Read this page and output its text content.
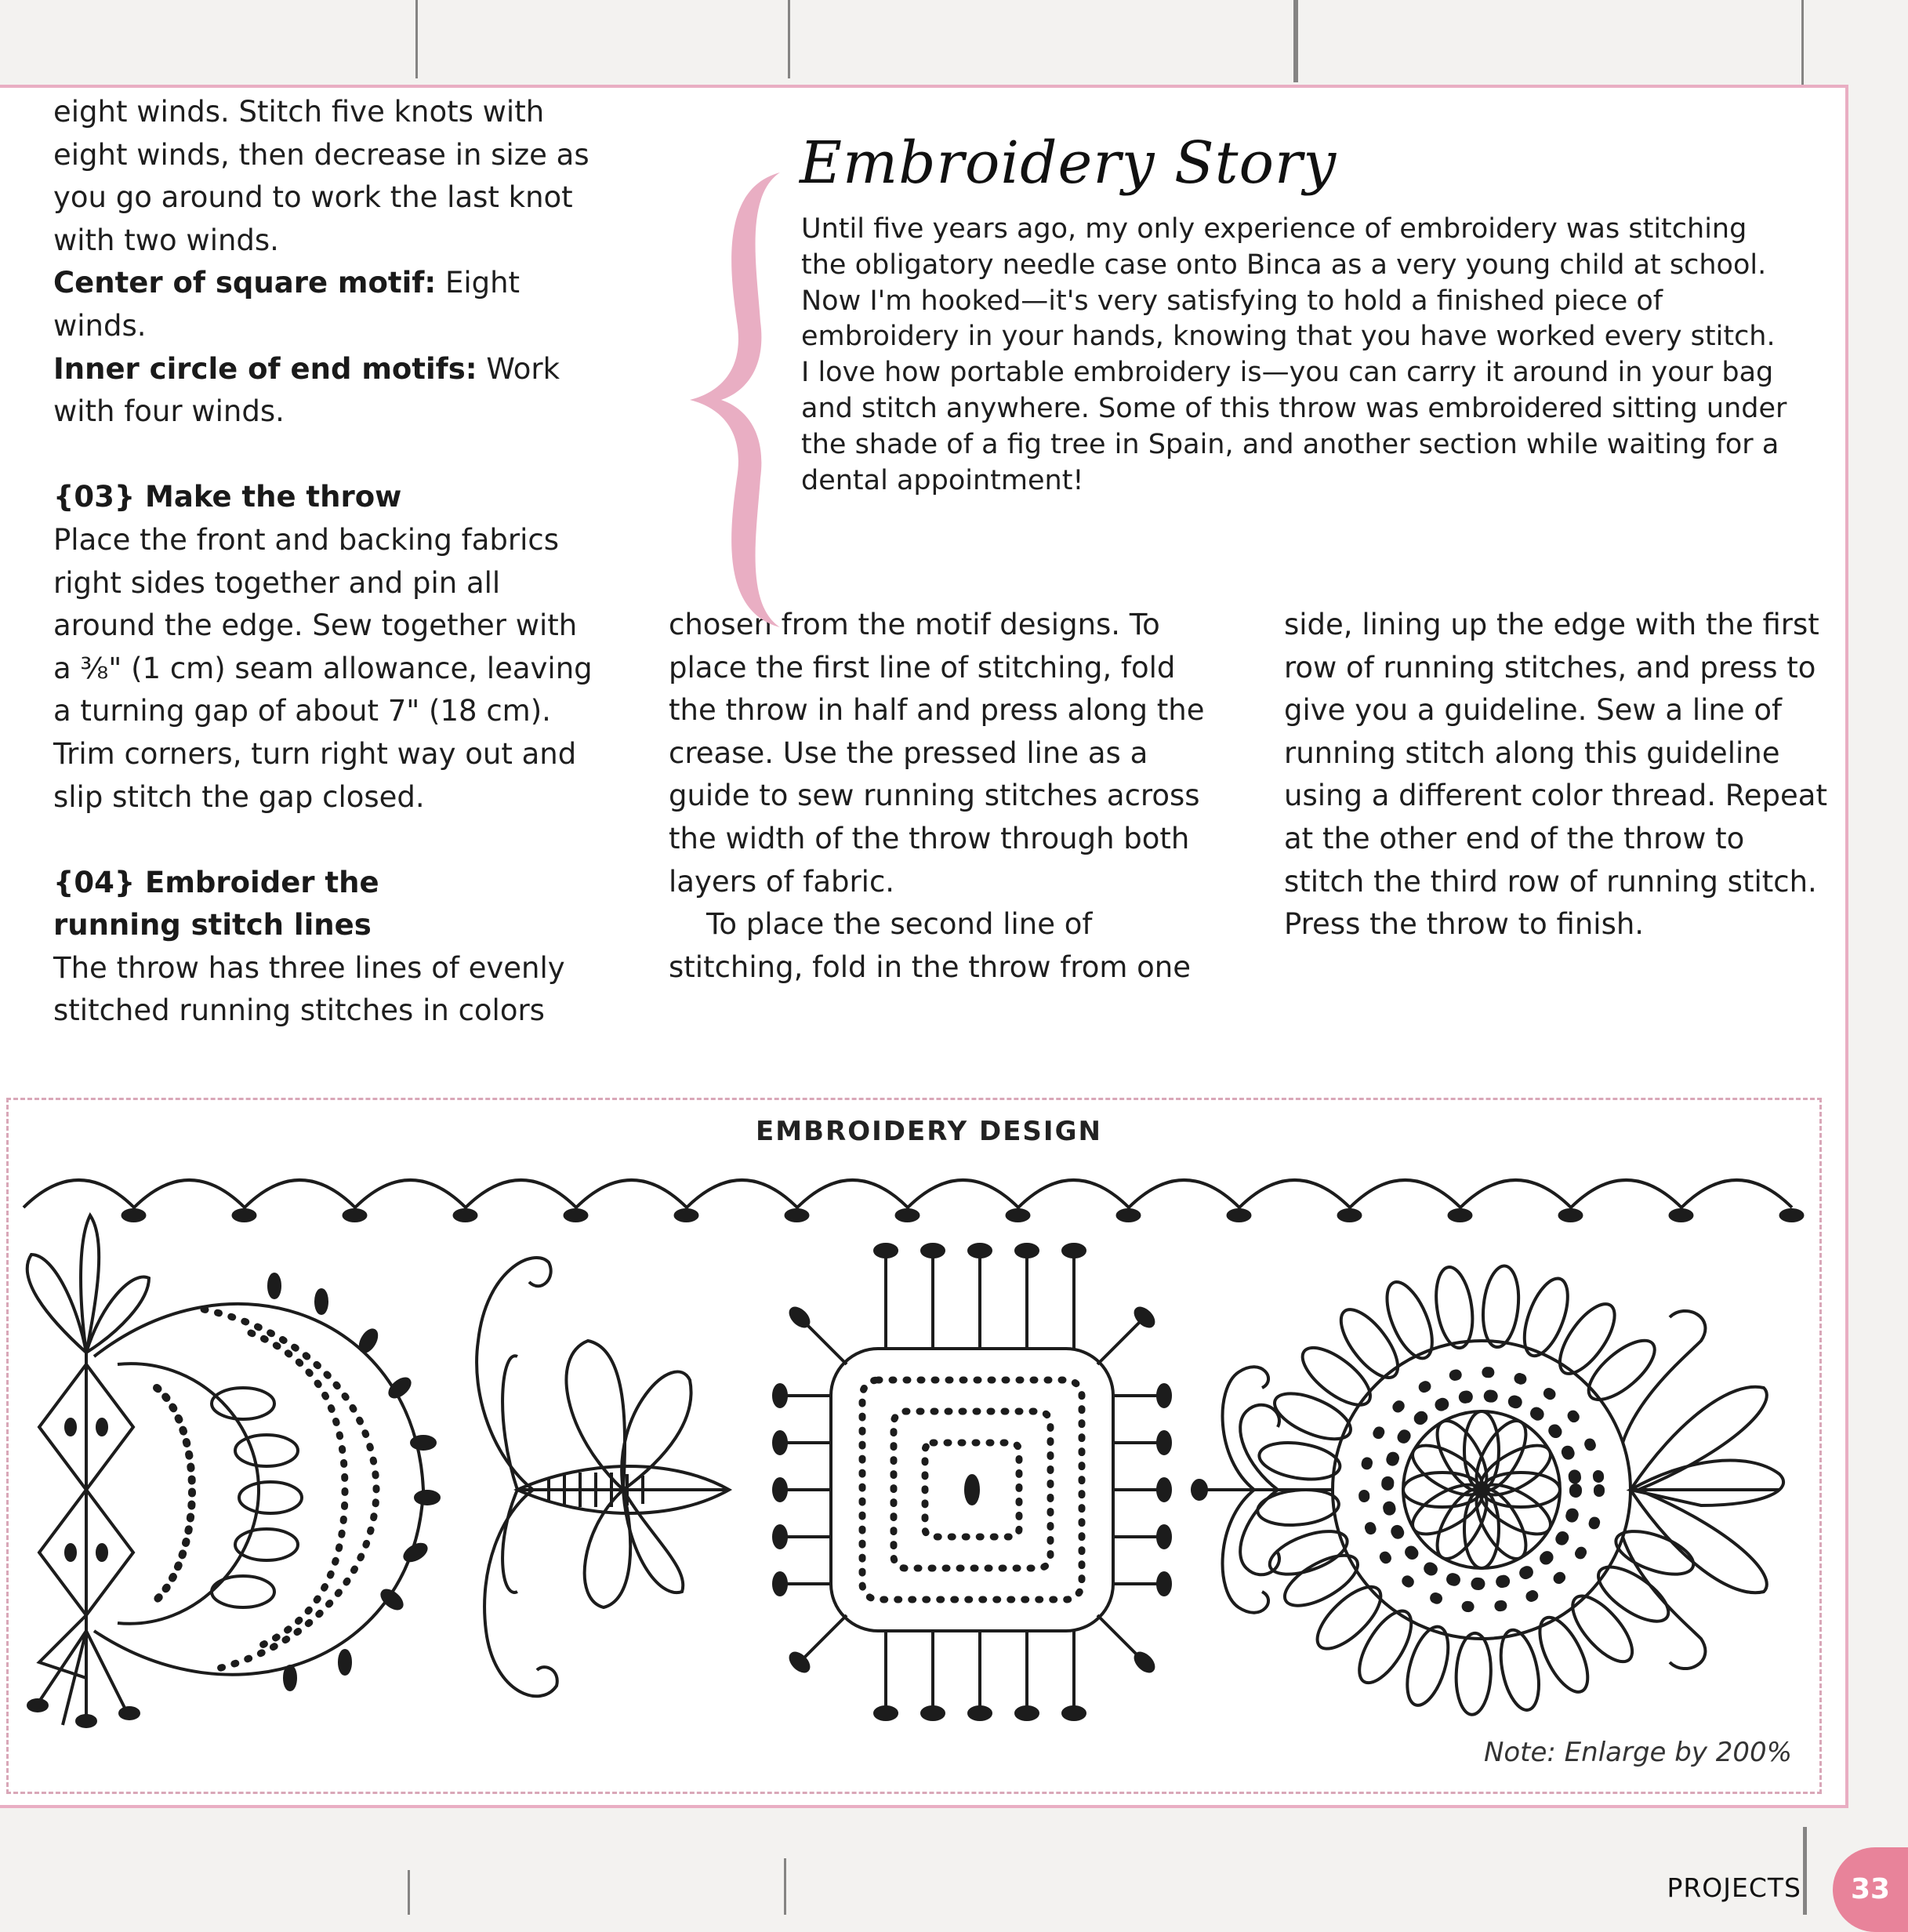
eight winds. Stitch five knots with eight winds, then decrease in size as you go around to work the last knot with two winds.

Center of square motif: Eight winds.

Inner circle of end motifs: Work with four winds.

{03} Make the throw

Place the front and backing fabrics right sides together and pin all around the edge. Sew together with a ⅜" (1 cm) seam allowance, leaving a turning gap of about 7" (18 cm). Trim corners, turn right way out and slip stitch the gap closed.

{04} Embroider the running stitch lines

The throw has three lines of evenly stitched running stitches in colors

chosen from the motif designs. To place the first line of stitching, fold the throw in half and press along the crease. Use the pressed line as a guide to sew running stitches across the width of the throw through both layers of fabric.

To place the second line of stitching, fold in the throw from one

side, lining up the edge with the first row of running stitches, and press to give you a guideline. Sew a line of running stitch along this guideline using a different color thread. Repeat at the other end of the throw to stitch the third row of running stitch. Press the throw to finish.

Embroidery Story

Until five years ago, my only experience of embroidery was stitching the obligatory needle case onto Binca as a very young child at school. Now I'm hooked—it's very satisfying to hold a finished piece of embroidery in your hands, knowing that you have worked every stitch. I love how portable embroidery is—you can carry it around in your bag and stitch anywhere. Some of this throw was embroidered sitting under the shade of a fig tree in Spain, and another section while waiting for a dental appointment!

EMBROIDERY DESIGN
Note: Enlarge by 200%
PROJECTS	33
